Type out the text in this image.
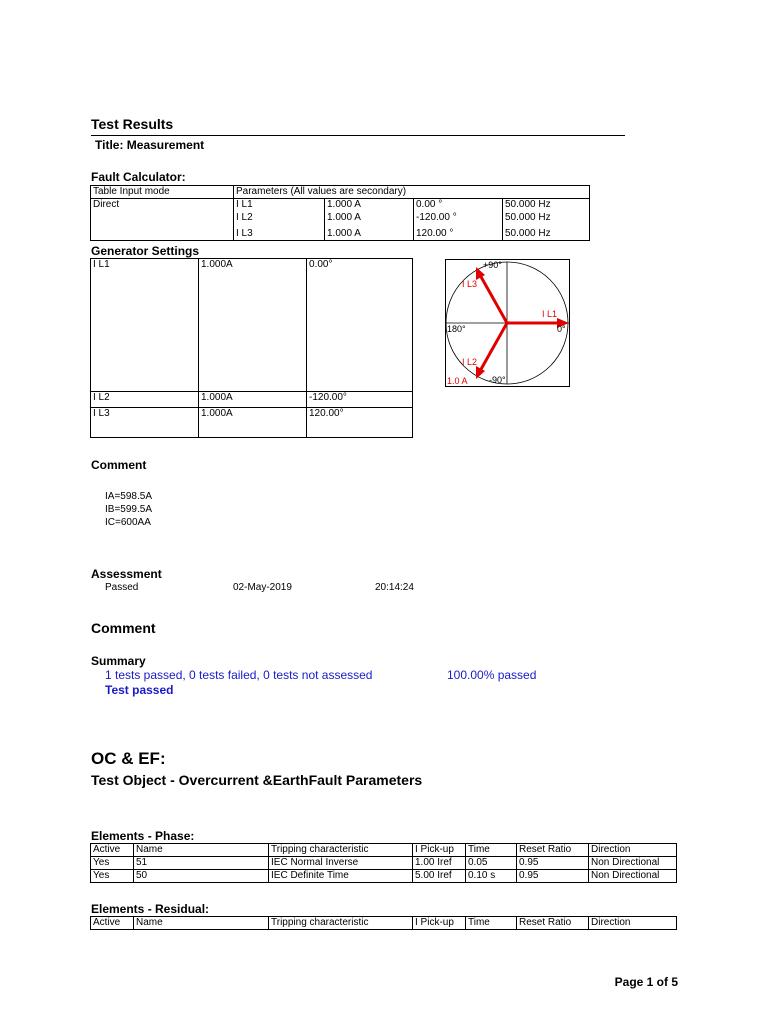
Test Results
Title: Measurement
Fault Calculator:
Table Input mode	Parameters (All values are secondary)			
Direct	I L1	1.000 A	0.00 °	50.000 Hz
	I L2	1.000 A	-120.00 °	50.000 Hz
	I L3	1.000 A	120.00 °	50.000 Hz
Generator Settings
I L1	1.000A	0.00°
I L2	1.000A	-120.00°
I L3	1.000A	120.00°
+90°
-90°
0°
180°
I L1
I L2
I L3
1.0 A
Comment
IA=598.5A
IB=599.5A
IC=600AA
Assessment
Passed	02-May-2019	20:14:24
Comment
Summary
1 tests passed, 0 tests failed, 0 tests not assessed	100.00% passed
Test passed
OC & EF:
Test Object - Overcurrent &EarthFault Parameters
Elements - Phase:
Active	Name	Tripping characteristic	I Pick-up	Time	Reset Ratio	Direction
Yes	51	IEC Normal Inverse	1.00 Iref	0.05	0.95	Non Directional
Yes	50	IEC Definite Time	5.00 Iref	0.10 s	0.95	Non Directional
Elements - Residual:
Active	Name	Tripping characteristic	I Pick-up	Time	Reset Ratio	Direction
Page 1 of 5
